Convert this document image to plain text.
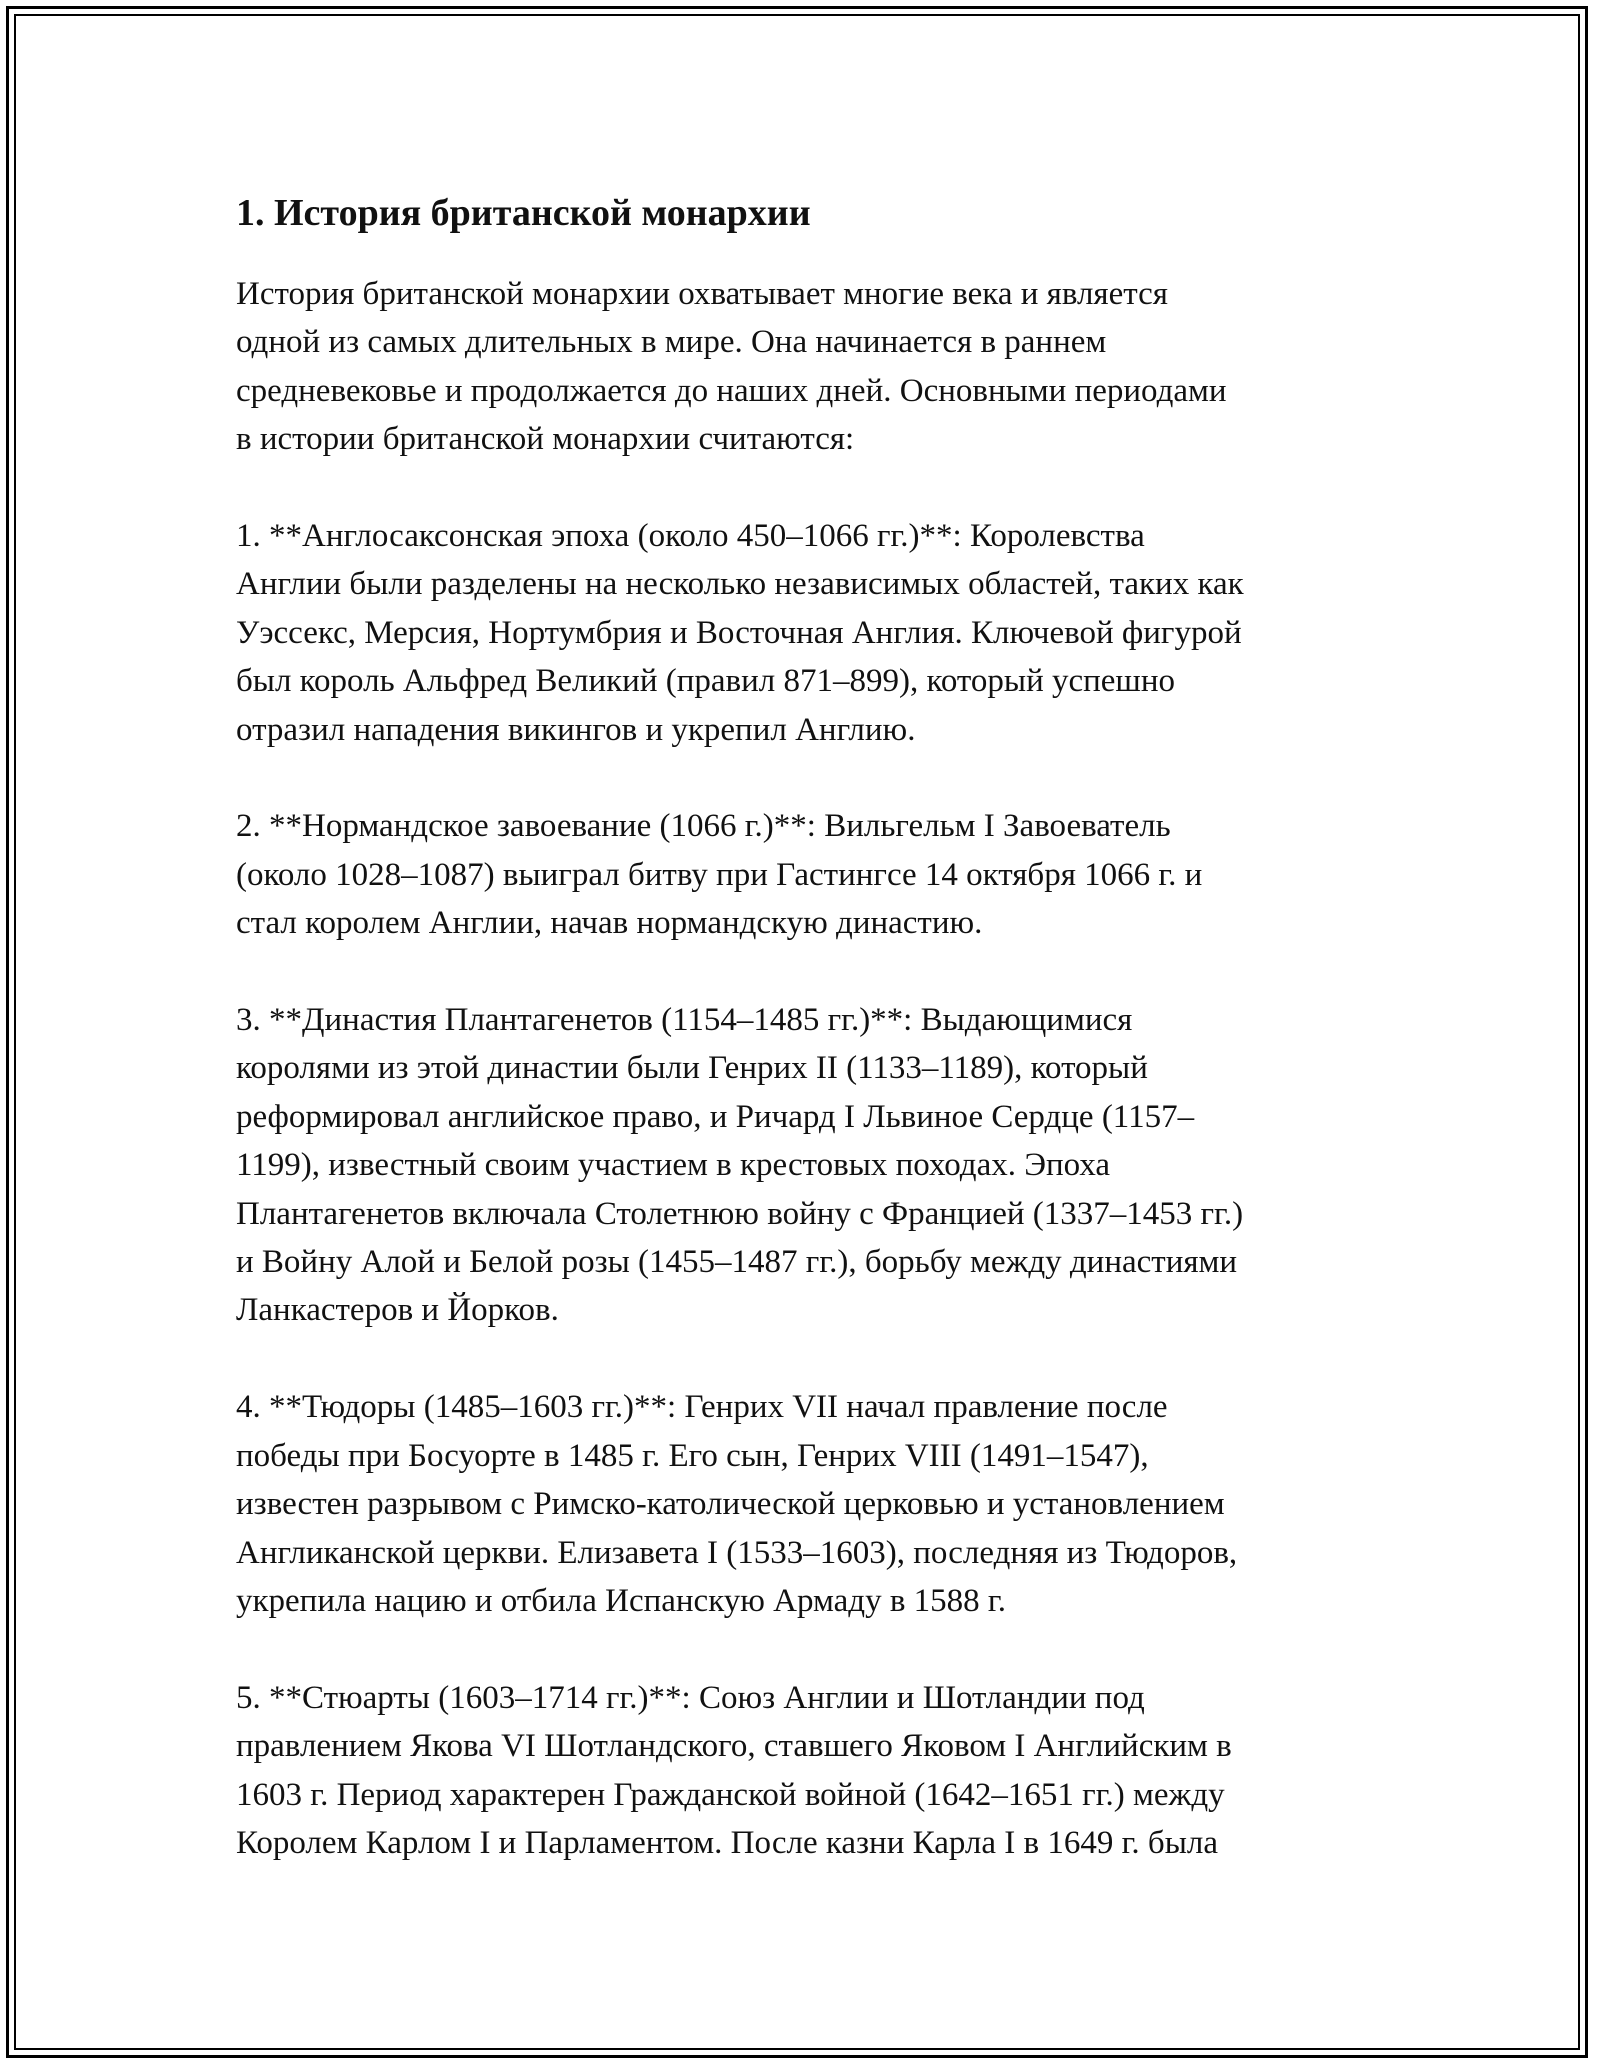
1. История британской монархии

История британской монархии охватывает многие века и является
одной из самых длительных в мире. Она начинается в раннем
средневековье и продолжается до наших дней. Основными периодами
в истории британской монархии считаются:

1. **Англосаксонская эпоха (около 450–1066 гг.)**: Королевства
Англии были разделены на несколько независимых областей, таких как
Уэссекс, Мерсия, Нортумбрия и Восточная Англия. Ключевой фигурой
был король Альфред Великий (правил 871–899), который успешно
отразил нападения викингов и укрепил Англию.

2. **Нормандское завоевание (1066 г.)**: Вильгельм I Завоеватель
(около 1028–1087) выиграл битву при Гастингсе 14 октября 1066 г. и
стал королем Англии, начав нормандскую династию.

3. **Династия Плантагенетов (1154–1485 гг.)**: Выдающимися
королями из этой династии были Генрих II (1133–1189), который
реформировал английское право, и Ричард I Львиное Сердце (1157–
1199), известный своим участием в крестовых походах. Эпоха
Плантагенетов включала Столетнюю войну с Францией (1337–1453 гг.)
и Войну Алой и Белой розы (1455–1487 гг.), борьбу между династиями
Ланкастеров и Йорков.

4. **Тюдоры (1485–1603 гг.)**: Генрих VII начал правление после
победы при Босуорте в 1485 г. Его сын, Генрих VIII (1491–1547),
известен разрывом с Римско-католической церковью и установлением
Англиканской церкви. Елизавета I (1533–1603), последняя из Тюдоров,
укрепила нацию и отбила Испанскую Армаду в 1588 г.

5. **Стюарты (1603–1714 гг.)**: Союз Англии и Шотландии под
правлением Якова VI Шотландского, ставшего Яковом I Английским в
1603 г. Период характерен Гражданской войной (1642–1651 гг.) между
Королем Карлом I и Парламентом. После казни Карла I в 1649 г. была
